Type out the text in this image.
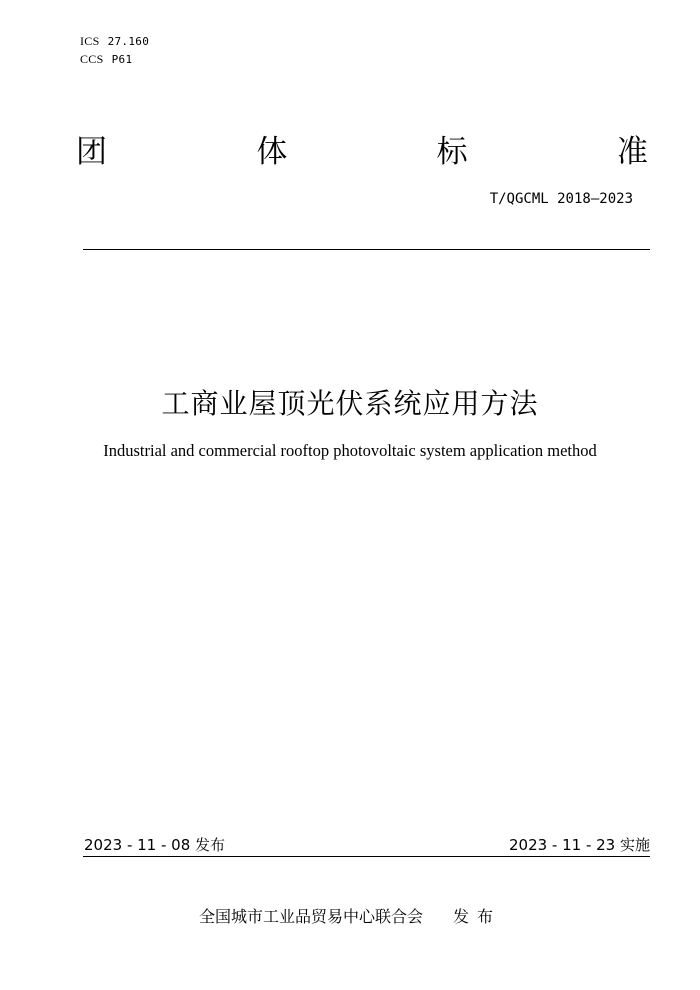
ICS 27.160
CCS P61
团	体	标	准
T/QGCML 2018—2023
工商业屋顶光伏系统应用方法
Industrial and commercial rooftop photovoltaic system application method
2023 - 11 - 08 发布	2023 - 11 - 23 实施
全国城市工业品贸易中心联合会 发布
